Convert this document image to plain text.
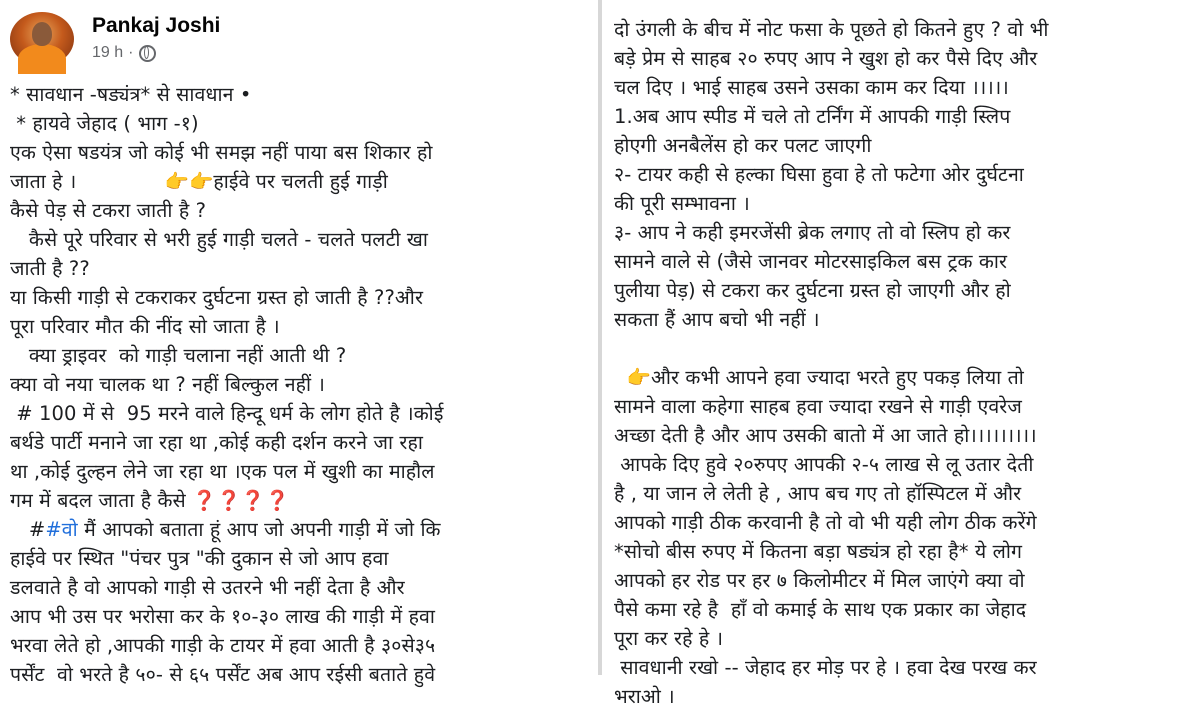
Pankaj Joshi
19 h ·
* सावधान -षड्यंत्र* से सावधान •
* हायवे जेहाद ( भाग -१)
एक ऐसा षडयंत्र जो कोई भी समझ नहीं पाया बस शिकार हो
जाता हे ।              👉👉हाईवे पर चलती हुई गाड़ी
कैसे पेड़ से टकरा जाती है ?
कैसे पूरे परिवार से भरी हुई गाड़ी चलते - चलते पलटी खा
जाती है ??
या किसी गाड़ी से टकराकर दुर्घटना ग्रस्त हो जाती है ??और
पूरा परिवार मौत की नींद सो जाता है ।
क्या ड्राइवर  को गाड़ी चलाना नहीं आती थी ?
क्या वो नया चालक था ? नहीं बिल्कुल नहीं ।
# 100 में से  95 मरने वाले हिन्दू धर्म के लोग होते है ।कोई
बर्थडे पार्टी मनाने जा रहा था ,कोई कही दर्शन करने जा रहा
था ,कोई दुल्हन लेने जा रहा था ।एक पल में खुशी का माहौल
गम में बदल जाता है कैसे ❓❓❓❓
##वो मैं आपको बताता हूं आप जो अपनी गाड़ी में जो कि
हाईवे पर स्थित "पंचर पुत्र "की दुकान से जो आप हवा
डलवाते है वो आपको गाड़ी से उतरने भी नहीं देता है और
आप भी उस पर भरोसा कर के १०-३० लाख की गाड़ी में हवा
भरवा लेते हो ,आपकी गाड़ी के टायर में हवा आती है ३०से३५
पर्सेंट  वो भरते है ५०- से ६५ पर्सेंट अब आप रईसी बताते हुवे

दो उंगली के बीच में नोट फसा के पूछते हो कितने हुए ? वो भी
बड़े प्रेम से साहब २० रुपए आप ने खुश हो कर पैसे दिए और
चल दिए । भाई साहब उसने उसका काम कर दिया ।।।।।
1.अब आप स्पीड में चले तो टर्निंग में आपकी गाड़ी स्लिप
होएगी अनबैलेंस हो कर पलट जाएगी
२- टायर कही से हल्का घिसा हुवा हे तो फटेगा ओर दुर्घटना
की पूरी सम्भावना ।
३- आप ने कही इमरजेंसी ब्रेक लगाए तो वो स्लिप हो कर
सामने वाले से (जैसे जानवर मोटरसाइकिल बस ट्रक कार
पुलीया पेड़) से टकरा कर दुर्घटना ग्रस्त हो जाएगी और हो
सकता हैं आप बचो भी नहीं ।
👉और कभी आपने हवा ज्यादा भरते हुए पकड़ लिया तो
सामने वाला कहेगा साहब हवा ज्यादा रखने से गाड़ी एवरेज
अच्छा देती है और आप उसकी बातो में आ जाते हो।।।।।।।।।
आपके दिए हुवे २०रुपए आपकी २-५ लाख से लू उतार देती
है , या जान ले लेती हे , आप बच गए तो हॉस्पिटल में और
आपको गाड़ी ठीक करवानी है तो वो भी यही लोग ठीक करेंगे
*सोचो बीस रुपए में कितना बड़ा षड्यंत्र हो रहा है* ये लोग
आपको हर रोड पर हर ७ किलोमीटर में मिल जाएंगे क्या वो
पैसे कमा रहे है  हाँ वो कमाई के साथ एक प्रकार का जेहाद
पूरा कर रहे हे ।
सावधानी रखो -- जेहाद हर मोड़ पर हे । हवा देख परख कर
भराओ ।
